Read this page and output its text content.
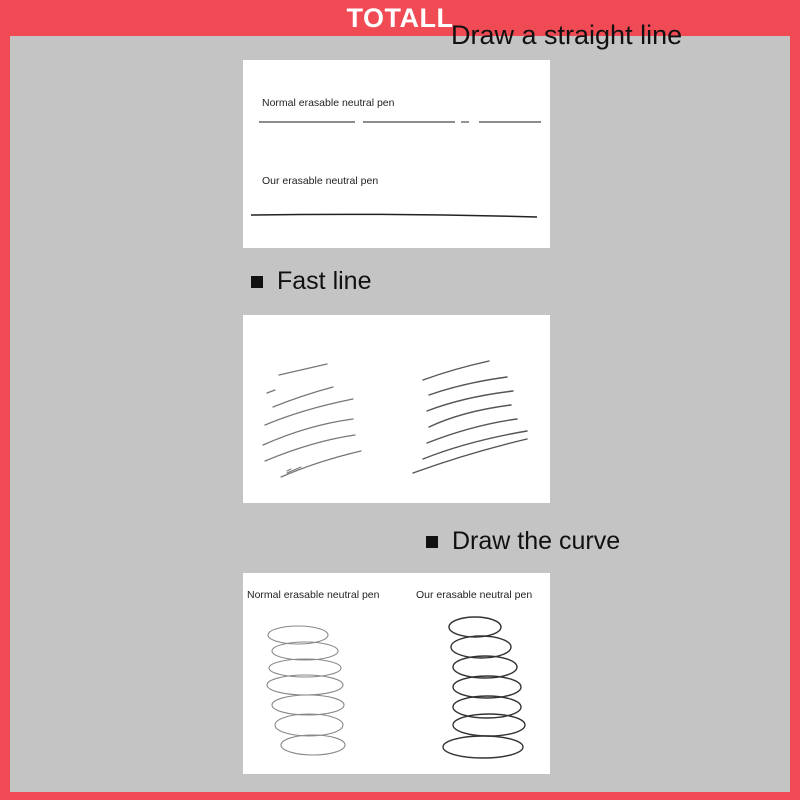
TOTALL
Draw a straight line
Normal erasable neutral pen
Our erasable neutral pen
Fast line
Draw the curve
Normal erasable neutral pen	Our erasable neutral pen
